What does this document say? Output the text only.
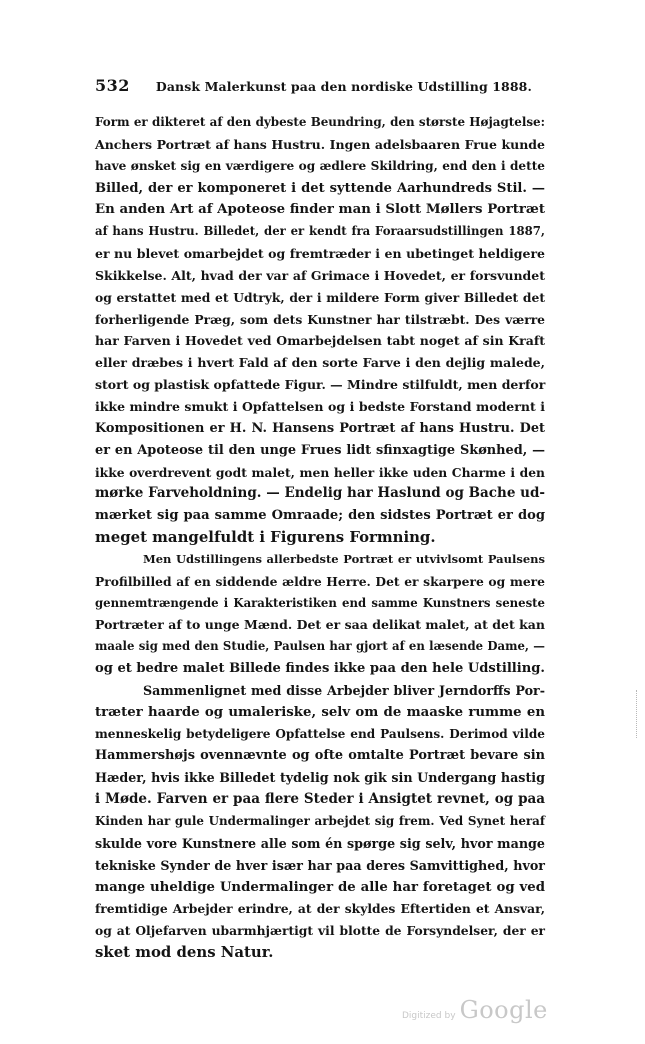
532 Dansk Malerkunst paa den nordiske Udstilling 1888.
Form er dikteret af den dybeste Beundring, den største Højagtelse:
Anchers Portræt af hans Hustru. Ingen adelsbaaren Frue kunde
have ønsket sig en værdigere og ædlere Skildring, end den i dette
Billed, der er komponeret i det syttende Aarhundreds Stil. —
En anden Art af Apoteose finder man i Slott Møllers Portræt
af hans Hustru. Billedet, der er kendt fra Foraarsudstillingen 1887,
er nu blevet omarbejdet og fremtræder i en ubetinget heldigere
Skikkelse. Alt, hvad der var af Grimace i Hovedet, er forsvundet
og erstattet med et Udtryk, der i mildere Form giver Billedet det
forherligende Præg, som dets Kunstner har tilstræbt. Des værre
har Farven i Hovedet ved Omarbejdelsen tabt noget af sin Kraft
eller dræbes i hvert Fald af den sorte Farve i den dejlig malede,
stort og plastisk opfattede Figur. — Mindre stilfuldt, men derfor
ikke mindre smukt i Opfattelsen og i bedste Forstand modernt i
Kompositionen er H. N. Hansens Portræt af hans Hustru. Det
er en Apoteose til den unge Frues lidt sfinxagtige Skønhed, —
ikke overdrevent godt malet, men heller ikke uden Charme i den
mørke Farveholdning. — Endelig har Haslund og Bache ud-
mærket sig paa samme Omraade; den sidstes Portræt er dog
meget mangelfuldt i Figurens Formning.
Men Udstillingens allerbedste Portræt er utvivlsomt Paulsens
Profilbilled af en siddende ældre Herre. Det er skarpere og mere
gennemtrængende i Karakteristiken end samme Kunstners seneste
Portræter af to unge Mænd. Det er saa delikat malet, at det kan
maale sig med den Studie, Paulsen har gjort af en læsende Dame, —
og et bedre malet Billede findes ikke paa den hele Udstilling.
Sammenlignet med disse Arbejder bliver Jerndorffs Por-
træter haarde og umaleriske, selv om de maaske rumme en
menneskelig betydeligere Opfattelse end Paulsens. Derimod vilde
Hammershøjs ovennævnte og ofte omtalte Portræt bevare sin
Hæder, hvis ikke Billedet tydelig nok gik sin Undergang hastig
i Møde. Farven er paa flere Steder i Ansigtet revnet, og paa
Kinden har gule Undermalinger arbejdet sig frem. Ved Synet heraf
skulde vore Kunstnere alle som én spørge sig selv, hvor mange
tekniske Synder de hver især har paa deres Samvittighed, hvor
mange uheldige Undermalinger de alle har foretaget og ved
fremtidige Arbejder erindre, at der skyldes Eftertiden et Ansvar,
og at Oljefarven ubarmhjærtigt vil blotte de Forsyndelser, der er
sket mod dens Natur.
Digitized by Google
